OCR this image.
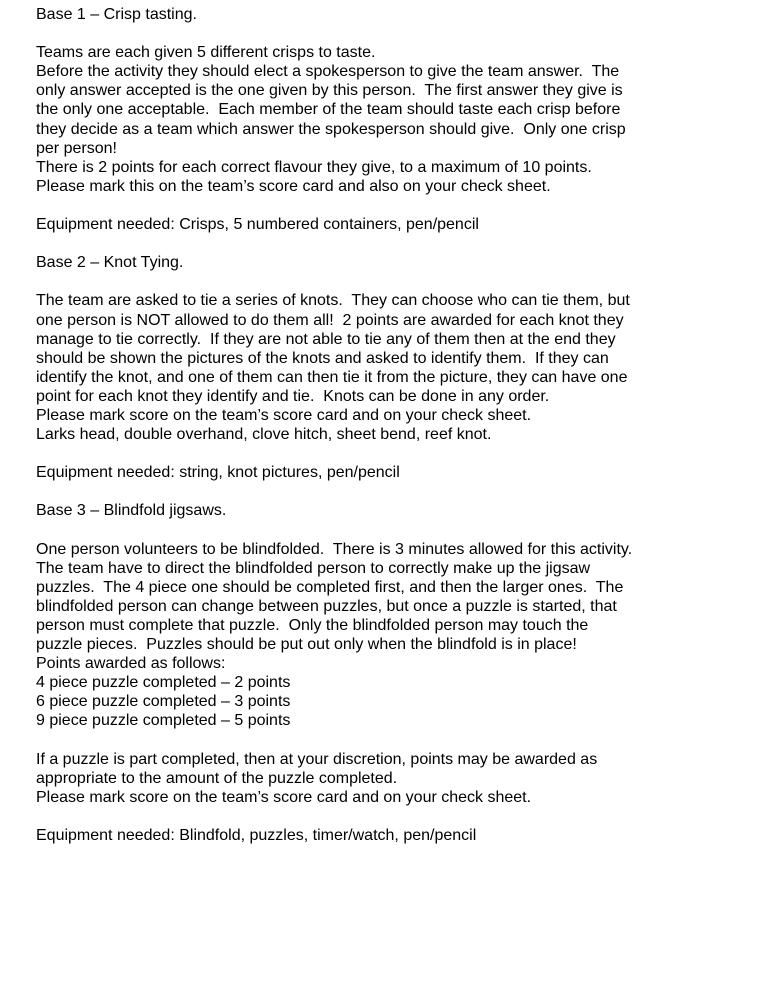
Base 1 – Crisp tasting.

Teams are each given 5 different crisps to taste.
Before the activity they should elect a spokesperson to give the team answer.  The
only answer accepted is the one given by this person.  The first answer they give is
the only one acceptable.  Each member of the team should taste each crisp before
they decide as a team which answer the spokesperson should give.  Only one crisp
per person!
There is 2 points for each correct flavour they give, to a maximum of 10 points.
Please mark this on the team’s score card and also on your check sheet.

Equipment needed: Crisps, 5 numbered containers, pen/pencil

Base 2 – Knot Tying.

The team are asked to tie a series of knots.  They can choose who can tie them, but
one person is NOT allowed to do them all!  2 points are awarded for each knot they
manage to tie correctly.  If they are not able to tie any of them then at the end they
should be shown the pictures of the knots and asked to identify them.  If they can
identify the knot, and one of them can then tie it from the picture, they can have one
point for each knot they identify and tie.  Knots can be done in any order.
Please mark score on the team’s score card and on your check sheet.
Larks head, double overhand, clove hitch, sheet bend, reef knot.

Equipment needed: string, knot pictures, pen/pencil

Base 3 – Blindfold jigsaws.

One person volunteers to be blindfolded.  There is 3 minutes allowed for this activity.
The team have to direct the blindfolded person to correctly make up the jigsaw
puzzles.  The 4 piece one should be completed first, and then the larger ones.  The
blindfolded person can change between puzzles, but once a puzzle is started, that
person must complete that puzzle.  Only the blindfolded person may touch the
puzzle pieces.  Puzzles should be put out only when the blindfold is in place!
Points awarded as follows:
4 piece puzzle completed – 2 points
6 piece puzzle completed – 3 points
9 piece puzzle completed – 5 points

If a puzzle is part completed, then at your discretion, points may be awarded as
appropriate to the amount of the puzzle completed.
Please mark score on the team’s score card and on your check sheet.

Equipment needed: Blindfold, puzzles, timer/watch, pen/pencil
